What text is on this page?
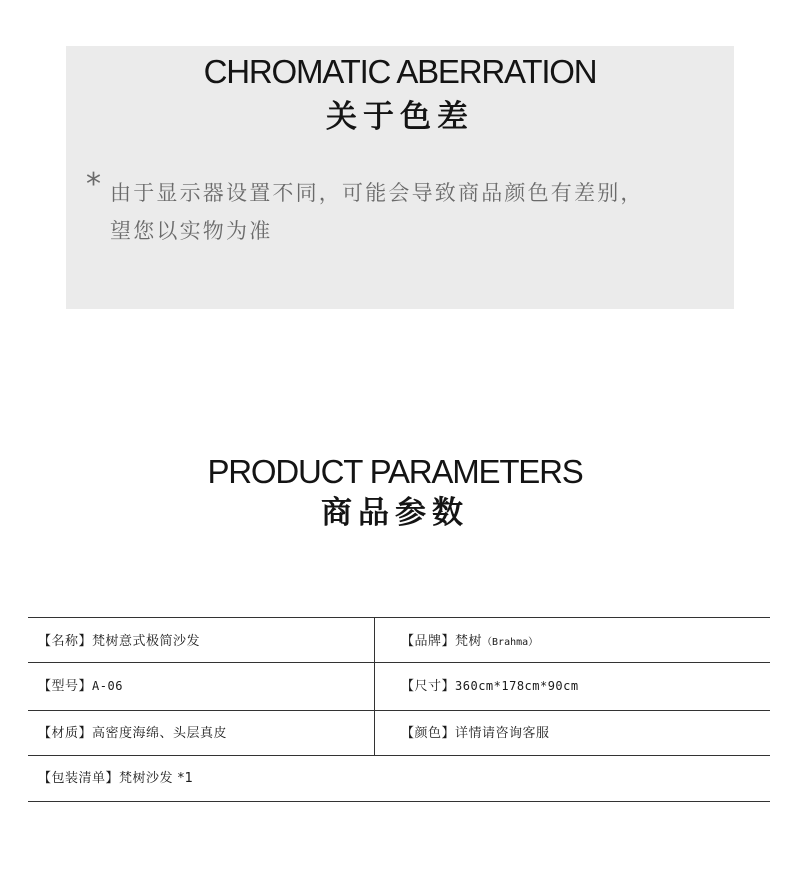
CHROMATIC ABERRATION
关于色差
* 由于显示器设置不同，可能会导致商品颜色有差别，
望您以实物为准
PRODUCT PARAMETERS
商品参数
【名称】梵树意式极简沙发	【品牌】梵树（Brahma）
【型号】A-06	【尺寸】360cm*178cm*90cm
【材质】高密度海绵、头层真皮	【颜色】详情请咨询客服
【包装清单】梵树沙发 *1
